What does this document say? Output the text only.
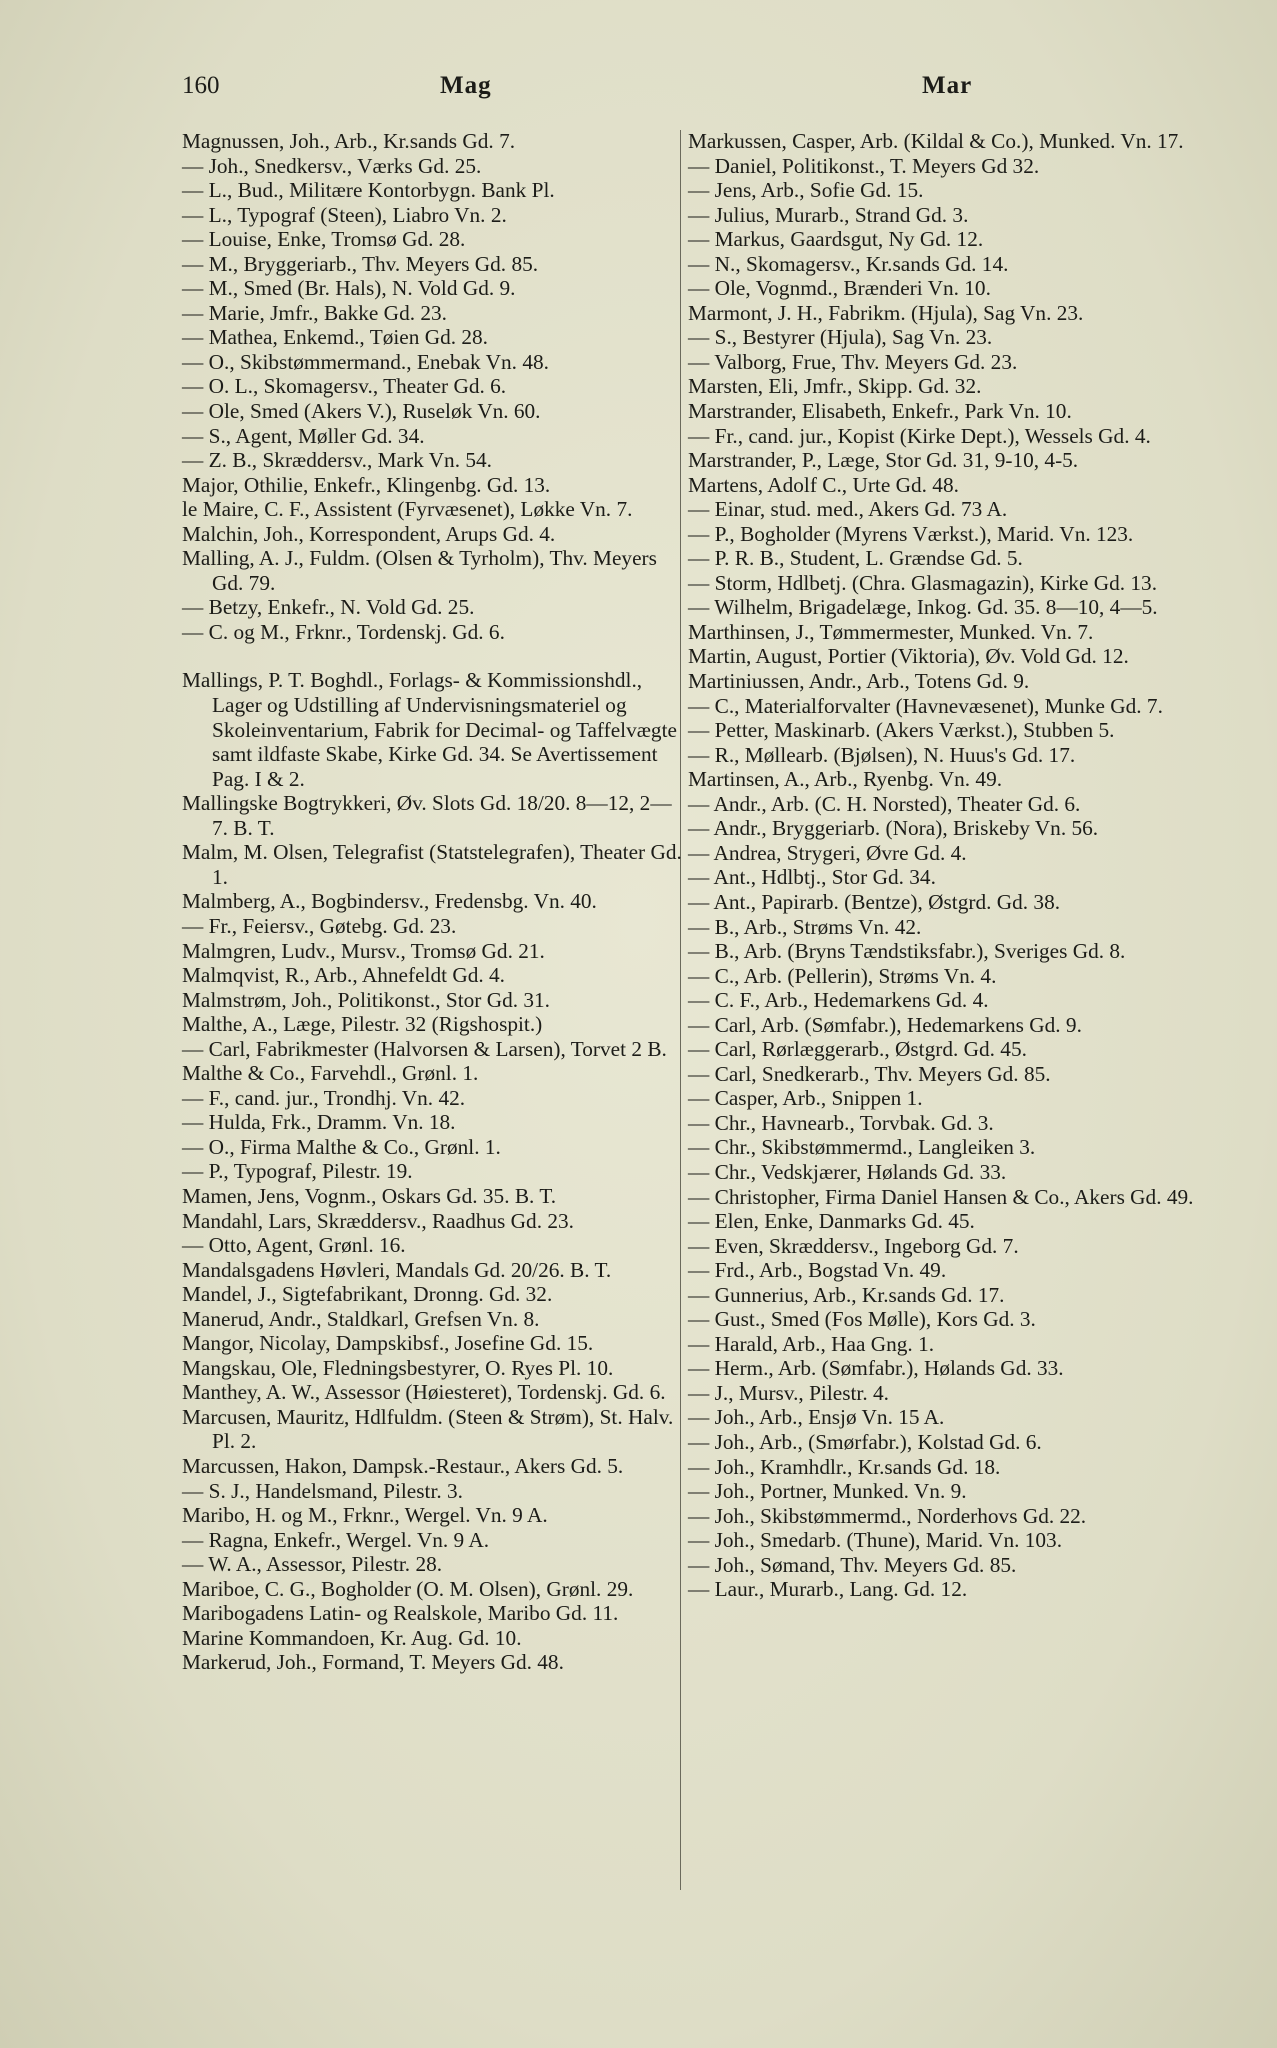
160	Mag	Mar
Magnussen, Joh., Arb., Kr.sands Gd. 7.
— Joh., Snedkersv., Værks Gd. 25.
— L., Bud., Militære Kontorbygn. Bank Pl.
— L., Typograf (Steen), Liabro Vn. 2.
— Louise, Enke, Tromsø Gd. 28.
— M., Bryggeriarb., Thv. Meyers Gd. 85.
— M., Smed (Br. Hals), N. Vold Gd. 9.
— Marie, Jmfr., Bakke Gd. 23.
— Mathea, Enkemd., Tøien Gd. 28.
— O., Skibstømmermand., Enebak Vn. 48.
— O. L., Skomagersv., Theater Gd. 6.
— Ole, Smed (Akers V.), Ruseløk Vn. 60.
— S., Agent, Møller Gd. 34.
— Z. B., Skræddersv., Mark Vn. 54.
Major, Othilie, Enkefr., Klingenbg. Gd. 13.
le Maire, C. F., Assistent (Fyrvæsenet), Løkke Vn. 7.
Malchin, Joh., Korrespondent, Arups Gd. 4.
Malling, A. J., Fuldm. (Olsen & Tyrholm), Thv. Meyers Gd. 79.
— Betzy, Enkefr., N. Vold Gd. 25.
— C. og M., Frknr., Tordenskj. Gd. 6.
Mallings, P. T. Boghdl., Forlags- & Kommissionshdl., Lager og Udstilling af Undervisningsmateriel og Skoleinventarium, Fabrik for Decimal- og Taffelvægte samt ildfaste Skabe, Kirke Gd. 34. Se Avertissement Pag. I & 2.
Mallingske Bogtrykkeri, Øv. Slots Gd. 18/20. 8—12, 2—7. B. T.
Malm, M. Olsen, Telegrafist (Statstelegrafen), Theater Gd. 1.
Malmberg, A., Bogbindersv., Fredensbg. Vn. 40.
— Fr., Feiersv., Gøtebg. Gd. 23.
Malmgren, Ludv., Mursv., Tromsø Gd. 21.
Malmqvist, R., Arb., Ahnefeldt Gd. 4.
Malmstrøm, Joh., Politikonst., Stor Gd. 31.
Malthe, A., Læge, Pilestr. 32 (Rigshospit.)
— Carl, Fabrikmester (Halvorsen & Larsen), Torvet 2 B.
Malthe & Co., Farvehdl., Grønl. 1.
— F., cand. jur., Trondhj. Vn. 42.
— Hulda, Frk., Dramm. Vn. 18.
— O., Firma Malthe & Co., Grønl. 1.
— P., Typograf, Pilestr. 19.
Mamen, Jens, Vognm., Oskars Gd. 35. B. T.
Mandahl, Lars, Skræddersv., Raadhus Gd. 23.
— Otto, Agent, Grønl. 16.
Mandalsgadens Høvleri, Mandals Gd. 20/26. B. T.
Mandel, J., Sigtefabrikant, Dronng. Gd. 32.
Manerud, Andr., Staldkarl, Grefsen Vn. 8.
Mangor, Nicolay, Dampskibsf., Josefine Gd. 15.
Mangskau, Ole, Fledningsbestyrer, O. Ryes Pl. 10.
Manthey, A. W., Assessor (Høiesteret), Tordenskj. Gd. 6.
Marcusen, Mauritz, Hdlfuldm. (Steen & Strøm), St. Halv. Pl. 2.
Marcussen, Hakon, Dampsk.-Restaur., Akers Gd. 5.
— S. J., Handelsmand, Pilestr. 3.
Maribo, H. og M., Frknr., Wergel. Vn. 9 A.
— Ragna, Enkefr., Wergel. Vn. 9 A.
— W. A., Assessor, Pilestr. 28.
Mariboe, C. G., Bogholder (O. M. Olsen), Grønl. 29.
Maribogadens Latin- og Realskole, Maribo Gd. 11.
Marine Kommandoen, Kr. Aug. Gd. 10.
Markerud, Joh., Formand, T. Meyers Gd. 48.
Markussen, Casper, Arb. (Kildal & Co.), Munked. Vn. 17.
— Daniel, Politikonst., T. Meyers Gd 32.
— Jens, Arb., Sofie Gd. 15.
— Julius, Murarb., Strand Gd. 3.
— Markus, Gaardsgut, Ny Gd. 12.
— N., Skomagersv., Kr.sands Gd. 14.
— Ole, Vognmd., Brænderi Vn. 10.
Marmont, J. H., Fabrikm. (Hjula), Sag Vn. 23.
— S., Bestyrer (Hjula), Sag Vn. 23.
— Valborg, Frue, Thv. Meyers Gd. 23.
Marsten, Eli, Jmfr., Skipp. Gd. 32.
Marstrander, Elisabeth, Enkefr., Park Vn. 10.
— Fr., cand. jur., Kopist (Kirke Dept.), Wessels Gd. 4.
Marstrander, P., Læge, Stor Gd. 31, 9-10, 4-5.
Martens, Adolf C., Urte Gd. 48.
— Einar, stud. med., Akers Gd. 73 A.
— P., Bogholder (Myrens Værkst.), Marid. Vn. 123.
— P. R. B., Student, L. Grændse Gd. 5.
— Storm, Hdlbetj. (Chra. Glasmagazin), Kirke Gd. 13.
— Wilhelm, Brigadelæge, Inkog. Gd. 35. 8—10, 4—5.
Marthinsen, J., Tømmermester, Munked. Vn. 7.
Martin, August, Portier (Viktoria), Øv. Vold Gd. 12.
Martiniussen, Andr., Arb., Totens Gd. 9.
— C., Materialforvalter (Havnevæsenet), Munke Gd. 7.
— Petter, Maskinarb. (Akers Værkst.), Stubben 5.
— R., Møllearb. (Bjølsen), N. Huus's Gd. 17.
Martinsen, A., Arb., Ryenbg. Vn. 49.
— Andr., Arb. (C. H. Norsted), Theater Gd. 6.
— Andr., Bryggeriarb. (Nora), Briskeby Vn. 56.
— Andrea, Strygeri, Øvre Gd. 4.
— Ant., Hdlbtj., Stor Gd. 34.
— Ant., Papirarb. (Bentze), Østgrd. Gd. 38.
— B., Arb., Strøms Vn. 42.
— B., Arb. (Bryns Tændstiksfabr.), Sveriges Gd. 8.
— C., Arb. (Pellerin), Strøms Vn. 4.
— C. F., Arb., Hedemarkens Gd. 4.
— Carl, Arb. (Sømfabr.), Hedemarkens Gd. 9.
— Carl, Rørlæggerarb., Østgrd. Gd. 45.
— Carl, Snedkerarb., Thv. Meyers Gd. 85.
— Casper, Arb., Snippen 1.
— Chr., Havnearb., Torvbak. Gd. 3.
— Chr., Skibstømmermd., Langleiken 3.
— Chr., Vedskjærer, Hølands Gd. 33.
— Christopher, Firma Daniel Hansen & Co., Akers Gd. 49.
— Elen, Enke, Danmarks Gd. 45.
— Even, Skræddersv., Ingeborg Gd. 7.
— Frd., Arb., Bogstad Vn. 49.
— Gunnerius, Arb., Kr.sands Gd. 17.
— Gust., Smed (Fos Mølle), Kors Gd. 3.
— Harald, Arb., Haa Gng. 1.
— Herm., Arb. (Sømfabr.), Hølands Gd. 33.
— J., Mursv., Pilestr. 4.
— Joh., Arb., Ensjø Vn. 15 A.
— Joh., Arb., (Smørfabr.), Kolstad Gd. 6.
— Joh., Kramhdlr., Kr.sands Gd. 18.
— Joh., Portner, Munked. Vn. 9.
— Joh., Skibstømmermd., Norderhovs Gd. 22.
— Joh., Smedarb. (Thune), Marid. Vn. 103.
— Joh., Sømand, Thv. Meyers Gd. 85.
— Laur., Murarb., Lang. Gd. 12.
